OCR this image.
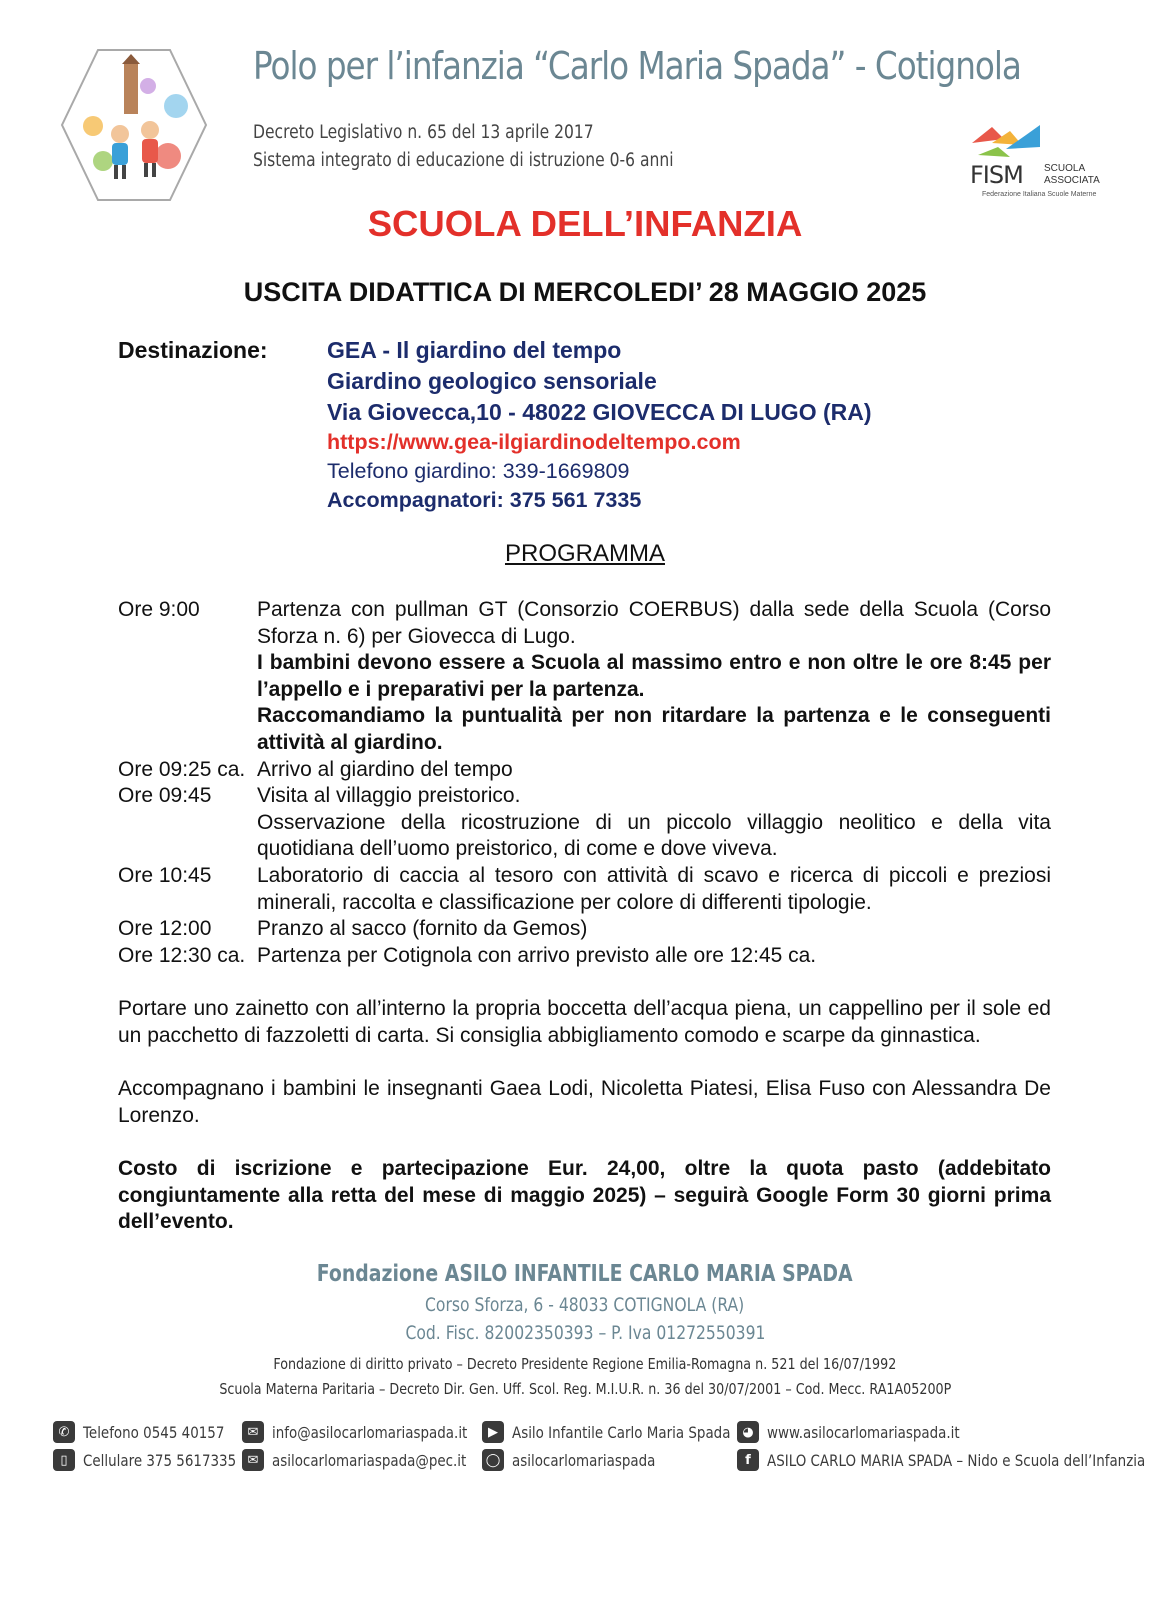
Polo per l’infanzia “Carlo Maria Spada” - Cotignola
Decreto Legislativo n. 65 del 13 aprile 2017
Sistema integrato di educazione di istruzione 0-6 anni
FISM SCUOLA
ASSOCIATA
Federazione Italiana Scuole Materne
SCUOLA DELL’INFANZIA
USCITA DIDATTICA DI MERCOLEDI’ 28 MAGGIO 2025
Destinazione:	GEA - Il giardino del tempo
Giardino geologico sensoriale
Via Giovecca,10 - 48022 GIOVECCA DI LUGO (RA)
https://www.gea-ilgiardinodeltempo.com
Telefono giardino: 339-1669809
Accompagnatori: 375 561 7335
PROGRAMMA
Ore 9:00	Partenza con pullman GT (Consorzio COERBUS) dalla sede della Scuola (Corso Sforza n. 6) per Giovecca di Lugo.

I bambini devono essere a Scuola al massimo entro e non oltre le ore 8:45 per l’appello e i preparativi per la partenza.

Raccomandiamo la puntualità per non ritardare la partenza e le conseguenti attività al giardino.

Ore 09:25 ca. Arrivo al giardino del tempo
Ore 09:45 Visita al villaggio preistorico.

Osservazione della ricostruzione di un piccolo villaggio neolitico e della vita quotidiana dell’uomo preistorico, di come e dove viveva.

Ore 10:45 Laboratorio di caccia al tesoro con attività di scavo e ricerca di piccoli e preziosi minerali, raccolta e classificazione per colore di differenti tipologie.
Ore 12:00 Pranzo al sacco (fornito da Gemos)
Ore 12:30 ca. Partenza per Cotignola con arrivo previsto alle ore 12:45 ca.
Portare uno zainetto con all’interno la propria boccetta dell’acqua piena, un cappellino per il sole ed un pacchetto di fazzoletti di carta. Si consiglia abbigliamento comodo e scarpe da ginnastica.
Accompagnano i bambini le insegnanti Gaea Lodi, Nicoletta Piatesi, Elisa Fuso con Alessandra De Lorenzo.
Costo di iscrizione e partecipazione Eur. 24,00, oltre la quota pasto (addebitato congiuntamente alla retta del mese di maggio 2025) – seguirà Google Form 30 giorni prima dell’evento.
Fondazione ASILO INFANTILE CARLO MARIA SPADA
Corso Sforza, 6 - 48033 COTIGNOLA (RA)
Cod. Fisc. 82002350393 – P. Iva 01272550391
Fondazione di diritto privato – Decreto Presidente Regione Emilia-Romagna n. 521 del 16/07/1992
Scuola Materna Paritaria – Decreto Dir. Gen. Uff. Scol. Reg. M.I.U.R. n. 36 del 30/07/2001 – Cod. Mecc. RA1A05200P
✆ Telefono 0545 40157
▯ Cellulare 375 5617335
✉ info@asilocarlomariaspada.it
✉ asilocarlomariaspada@pec.it
▶ Asilo Infantile Carlo Maria Spada
◯ asilocarlomariaspada
◕ www.asilocarlomariaspada.it
f	ASILO CARLO MARIA SPADA – Nido e Scuola dell’Infanzia
